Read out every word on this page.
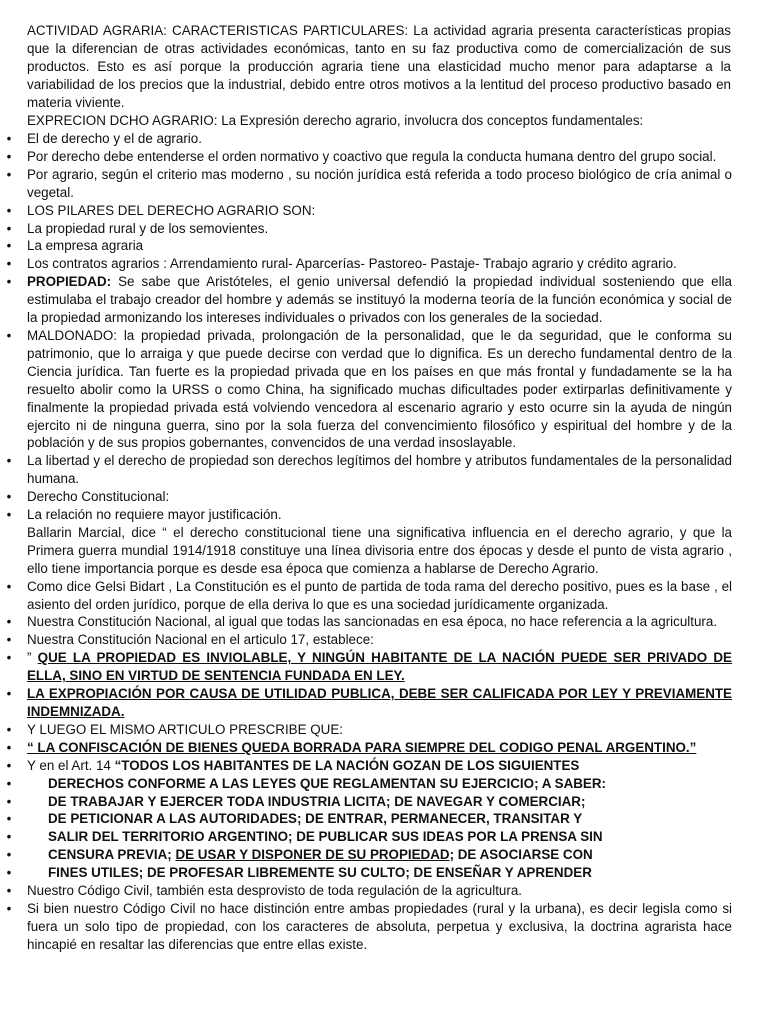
ACTIVIDAD AGRARIA: CARACTERISTICAS PARTICULARES: La actividad agraria presenta características propias que la diferencian de otras actividades económicas, tanto en su faz productiva como de comercialización de sus productos. Esto es así porque la producción agraria tiene una elasticidad mucho menor para adaptarse a la variabilidad de los precios que la industrial, debido entre otros motivos a la lentitud del proceso productivo basado en materia viviente.

EXPRECION DCHO AGRARIO: La Expresión derecho agrario, involucra dos conceptos fundamentales:

•	El de derecho y el de agrario.
•	Por derecho debe entenderse el orden normativo y coactivo que regula la conducta humana dentro del grupo social.
•	Por agrario, según el criterio mas moderno , su noción jurídica está referida a todo proceso biológico de cría animal o vegetal.
•	LOS PILARES DEL DERECHO AGRARIO SON:
•	La propiedad rural y de los semovientes.
•	La empresa agraria
•	Los contratos agrarios : Arrendamiento rural- Aparcerías- Pastoreo- Pastaje- Trabajo agrario y crédito agrario.
•	PROPIEDAD: Se sabe que Aristóteles, el genio universal defendió la propiedad individual sosteniendo que ella estimulaba el trabajo creador del hombre y además se instituyó la moderna teoría de la función económica y social de la propiedad armonizando los intereses individuales o privados con los generales de la sociedad.
•	MALDONADO: la propiedad privada, prolongación de la personalidad, que le da seguridad, que le conforma su patrimonio, que lo arraiga y que puede decirse con verdad que lo dignifica. Es un derecho fundamental dentro de la Ciencia jurídica. Tan fuerte es la propiedad privada que en los países en que más frontal y fundadamente se la ha resuelto abolir como la URSS o como China, ha significado muchas dificultades poder extirparlas definitivamente y finalmente la propiedad privada está volviendo vencedora al escenario agrario y esto ocurre sin la ayuda de ningún ejercito ni de ninguna guerra, sino por la sola fuerza del convencimiento filosófico y espiritual del hombre y de la población y de sus propios gobernantes, convencidos de una verdad insoslayable.
•	La libertad y el derecho de propiedad son derechos legítimos del hombre y atributos fundamentales de la personalidad humana.
•	Derecho Constitucional:
•	La relación no requiere mayor justificación.
Ballarin Marcial, dice “ el derecho constitucional tiene una significativa influencia en el derecho agrario, y que la Primera guerra mundial 1914/1918 constituye una línea divisoria entre dos épocas y desde el punto de vista agrario , ello tiene importancia porque es desde esa época que comienza a hablarse de Derecho Agrario.
•	Como dice Gelsi Bidart , La Constitución es el punto de partida de toda rama del derecho positivo, pues es la base , el asiento del orden jurídico, porque de ella deriva lo que es una sociedad jurídicamente organizada.
•	Nuestra Constitución Nacional, al igual que todas las sancionadas en esa época, no hace referencia a la agricultura.
•	Nuestra Constitución Nacional en el articulo 17, establece:
•	” QUE LA PROPIEDAD ES INVIOLABLE, Y NINGÚN HABITANTE DE LA NACIÓN PUEDE SER PRIVADO DE ELLA, SINO EN VIRTUD DE SENTENCIA FUNDADA EN LEY.
•	LA EXPROPIACIÓN POR CAUSA DE UTILIDAD PUBLICA, DEBE SER CALIFICADA POR LEY Y PREVIAMENTE INDEMNIZADA.
•	Y LUEGO EL MISMO ARTICULO PRESCRIBE QUE:
•	“ LA CONFISCACIÓN DE BIENES QUEDA BORRADA PARA SIEMPRE DEL CODIGO PENAL ARGENTINO.”
•	Y en el Art. 14 “TODOS LOS HABITANTES DE LA NACIÓN GOZAN DE LOS SIGUIENTES
•	DERECHOS CONFORME A LAS LEYES QUE REGLAMENTAN SU EJERCICIO; A SABER:
•	DE TRABAJAR Y EJERCER TODA INDUSTRIA LICITA; DE NAVEGAR Y COMERCIAR;
•	DE PETICIONAR A LAS AUTORIDADES; DE ENTRAR, PERMANECER, TRANSITAR Y
•	SALIR DEL TERRITORIO ARGENTINO; DE PUBLICAR SUS IDEAS POR LA PRENSA SIN
•	CENSURA PREVIA; DE USAR Y DISPONER DE SU PROPIEDAD; DE ASOCIARSE CON
•	FINES UTILES; DE PROFESAR LIBREMENTE SU CULTO; DE ENSEÑAR Y APRENDER
•	Nuestro Código Civil, también esta desprovisto de toda regulación de la agricultura.
•	Si bien nuestro Código Civil no hace distinción entre ambas propiedades (rural y la urbana), es decir legisla como si fuera un solo tipo de propiedad, con los caracteres de absoluta, perpetua y exclusiva, la doctrina agrarista hace hincapié en resaltar las diferencias que entre ellas existe.
